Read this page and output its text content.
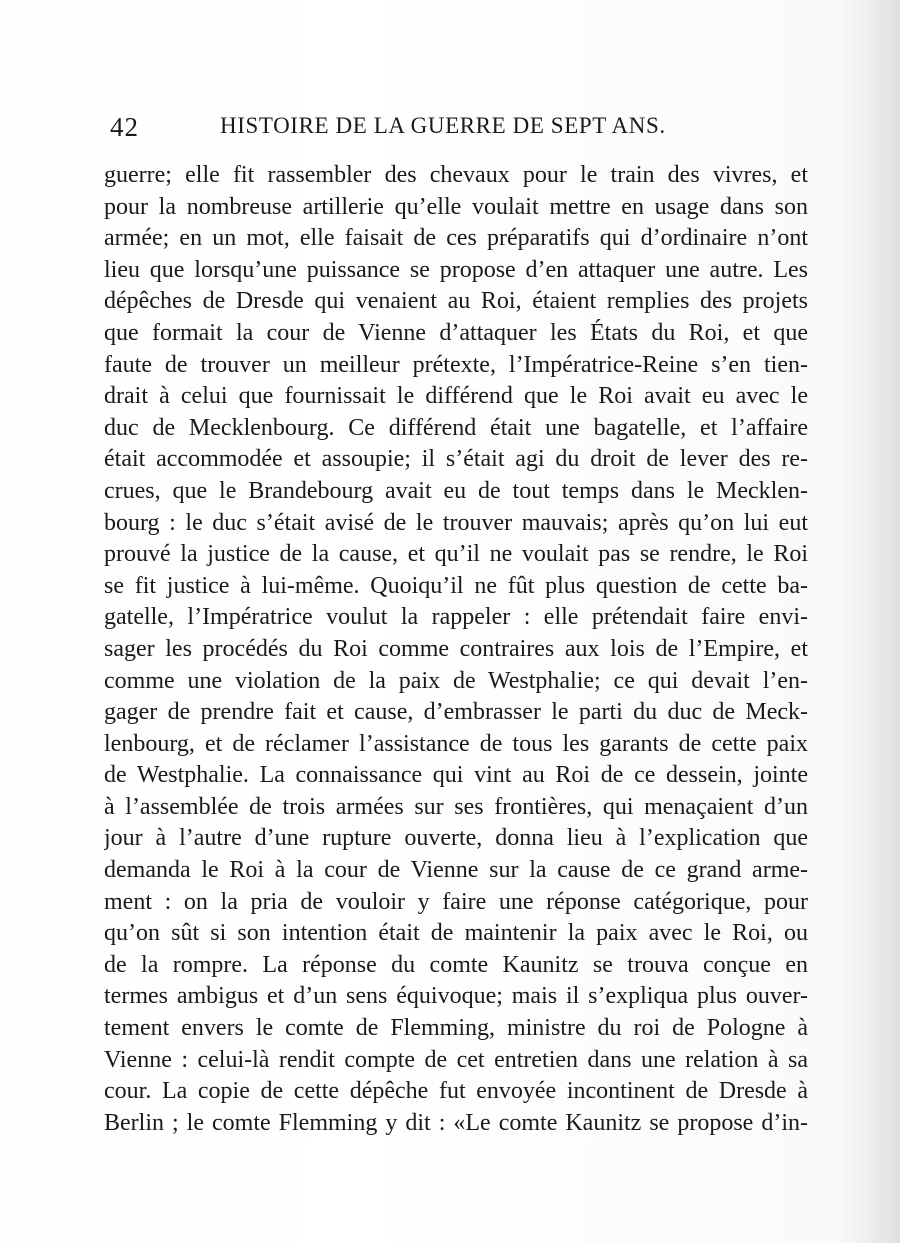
42	HISTOIRE DE LA GUERRE DE SEPT ANS.
guerre; elle fit rassembler des chevaux pour le train des vivres, et
pour la nombreuse artillerie qu’elle voulait mettre en usage dans son
armée; en un mot, elle faisait de ces préparatifs qui d’ordinaire n’ont
lieu que lorsqu’une puissance se propose d’en attaquer une autre. Les
dépêches de Dresde qui venaient au Roi, étaient remplies des projets
que formait la cour de Vienne d’attaquer les États du Roi, et que
faute de trouver un meilleur prétexte, l’Impératrice-Reine s’en tien-
drait à celui que fournissait le différend que le Roi avait eu avec le
duc de Mecklenbourg. Ce différend était une bagatelle, et l’affaire
était accommodée et assoupie; il s’était agi du droit de lever des re-
crues, que le Brandebourg avait eu de tout temps dans le Mecklen-
bourg : le duc s’était avisé de le trouver mauvais; après qu’on lui eut
prouvé la justice de la cause, et qu’il ne voulait pas se rendre, le Roi
se fit justice à lui-même. Quoiqu’il ne fût plus question de cette ba-
gatelle, l’Impératrice voulut la rappeler : elle prétendait faire envi-
sager les procédés du Roi comme contraires aux lois de l’Empire, et
comme une violation de la paix de Westphalie; ce qui devait l’en-
gager de prendre fait et cause, d’embrasser le parti du duc de Meck-
lenbourg, et de réclamer l’assistance de tous les garants de cette paix
de Westphalie. La connaissance qui vint au Roi de ce dessein, jointe
à l’assemblée de trois armées sur ses frontières, qui menaçaient d’un
jour à l’autre d’une rupture ouverte, donna lieu à l’explication que
demanda le Roi à la cour de Vienne sur la cause de ce grand arme-
ment : on la pria de vouloir y faire une réponse catégorique, pour
qu’on sût si son intention était de maintenir la paix avec le Roi, ou
de la rompre. La réponse du comte Kaunitz se trouva conçue en
termes ambigus et d’un sens équivoque; mais il s’expliqua plus ouver-
tement envers le comte de Flemming, ministre du roi de Pologne à
Vienne : celui-là rendit compte de cet entretien dans une relation à sa
cour. La copie de cette dépêche fut envoyée incontinent de Dresde à
Berlin ; le comte Flemming y dit : «Le comte Kaunitz se propose d’in-
